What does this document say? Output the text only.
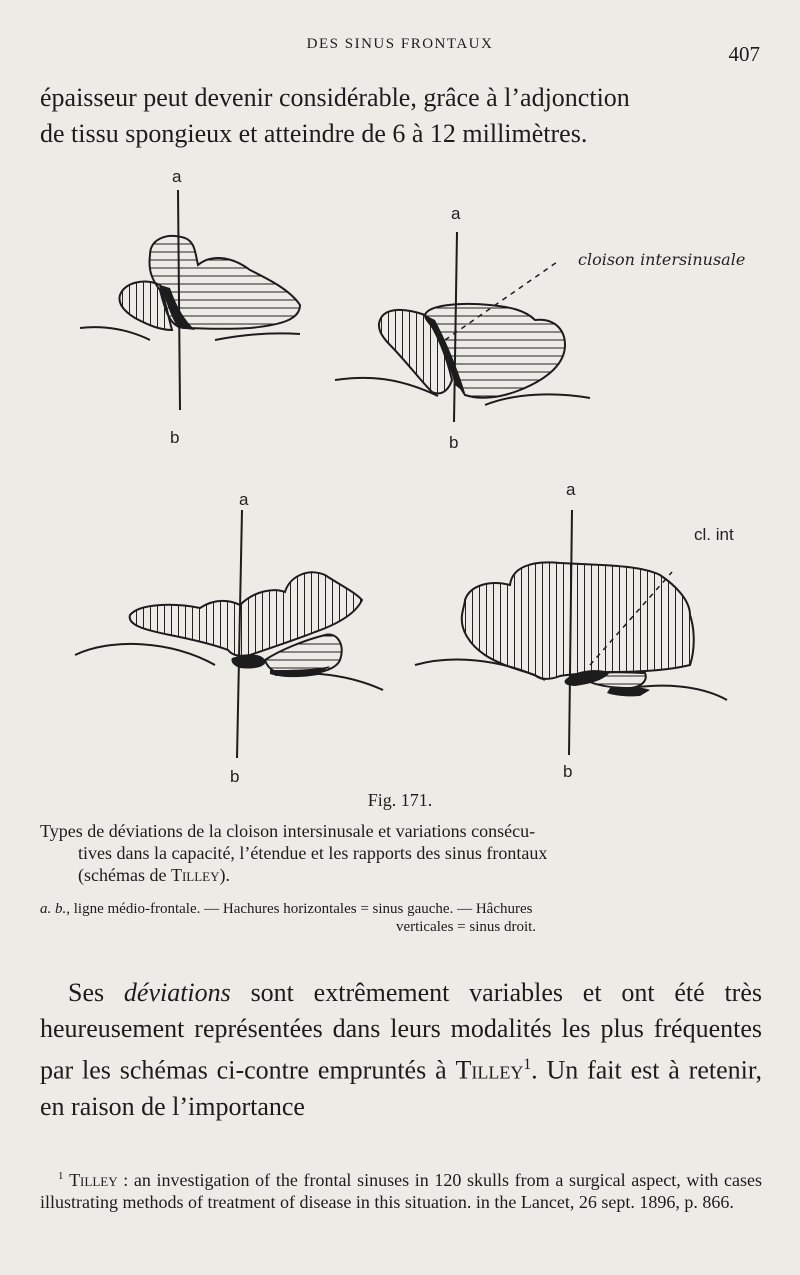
DES SINUS FRONTAUX	407

épaisseur peut devenir considérable, grâce à l’adjonction

de tissu spongieux et atteindre de 6 à 12 millimètres.

a
b
a
b
cloison intersinusale
a
b
a
b
cl. int
Fig. 171.

Types de déviations de la cloison intersinusale et variations consécu-
tives dans la capacité, l’étendue et les rapports des sinus frontaux
(schémas de Tilley).

a. b., ligne médio-frontale. — Hachures horizontales = sinus gauche. — Hâchures
verticales = sinus droit.

Ses déviations sont extrêmement variables et ont été très heureusement représentées dans leurs modalités les plus fréquentes par les schémas ci-contre empruntés à Tilley$^1$. Un fait est à retenir, en raison de l’importance

$^1$ Tilley : an investigation of the frontal sinuses in 120 skulls from a surgical aspect, with cases illustrating methods of treatment of disease in this situation. in the Lancet, 26 sept. 1896, p. 866.
